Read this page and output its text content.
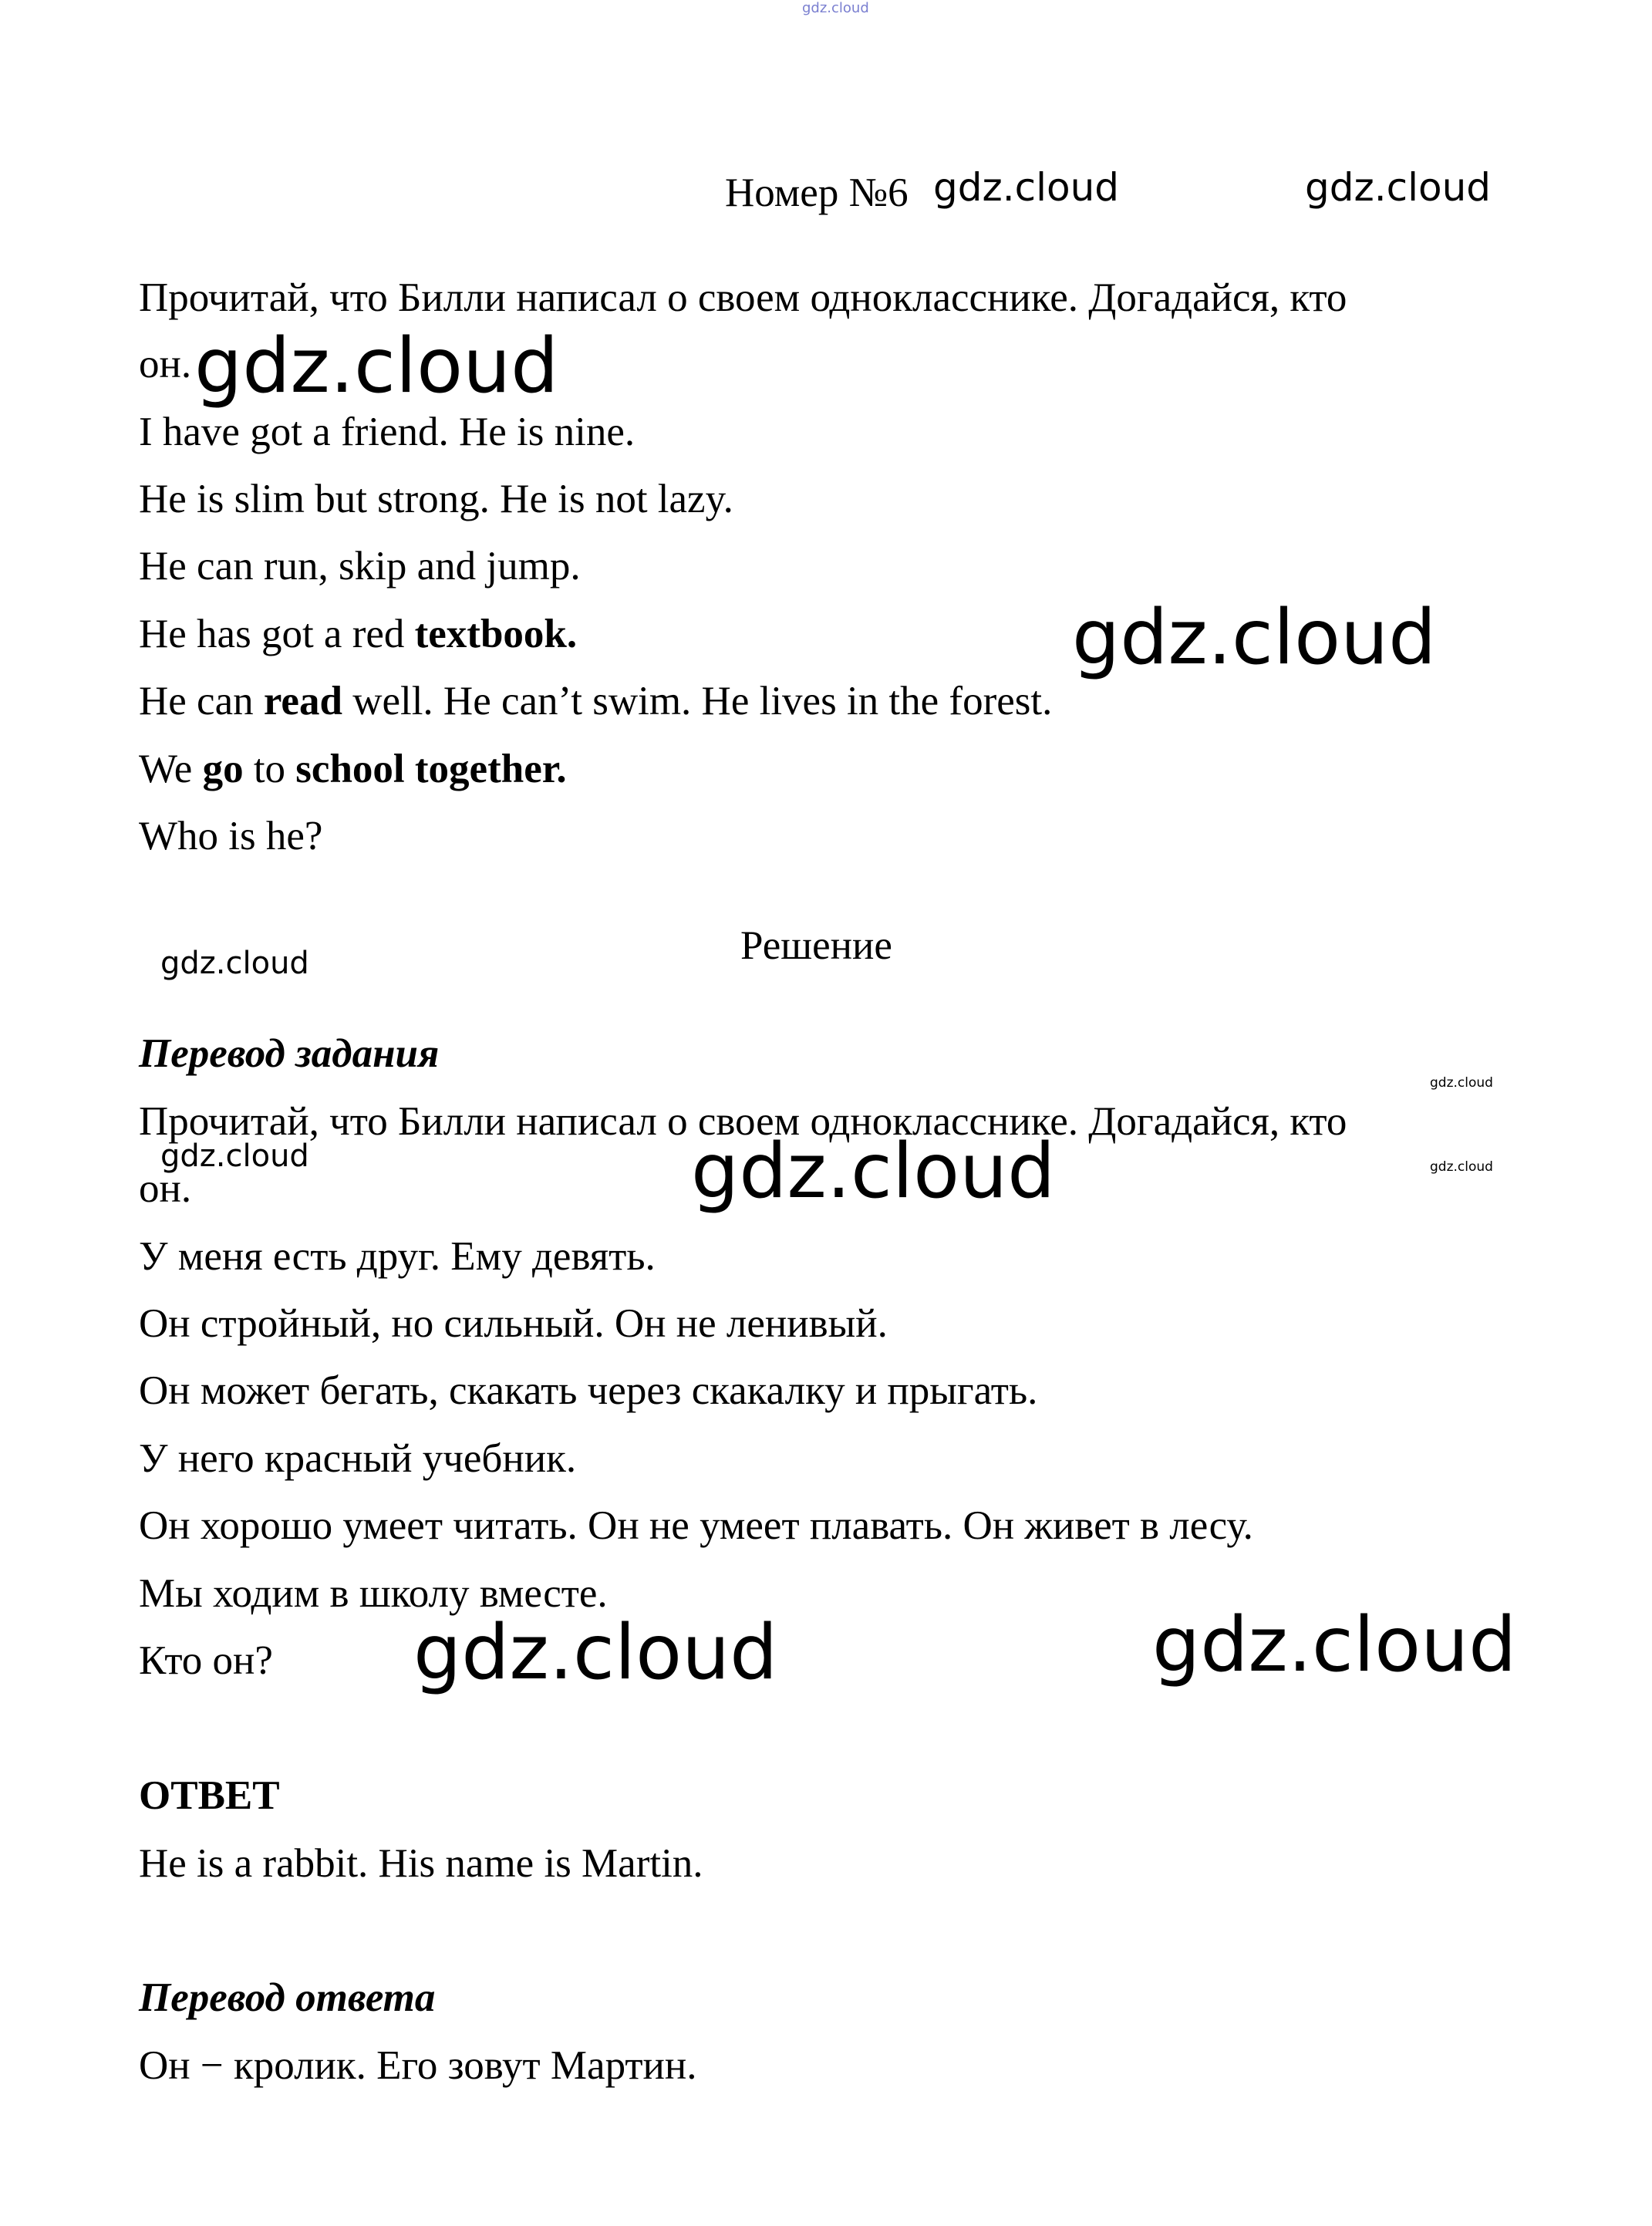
gdz.cloud
Номер №6
Прочитай, что Билли написал о своем однокласснике. Догадайся, кто
он.
I have got a friend. He is nine.
He is slim but strong. He is not lazy.
He can run, skip and jump.
He has got a red textbook.
He can read well. He can’t swim. He lives in the forest.
We go to school together.
Who is he?
Решение
Перевод задания
Прочитай, что Билли написал о своем однокласснике. Догадайся, кто
он.
У меня есть друг. Ему девять.
Он стройный, но сильный. Он не ленивый.
Он может бегать, скакать через скакалку и прыгать.
У него красный учебник.
Он хорошо умеет читать. Он не умеет плавать. Он живет в лесу.
Мы ходим в школу вместе.
Кто он?
ОТВЕТ
He is a rabbit. His name is Martin.
Перевод ответа
Он − кролик. Его зовут Мартин.
gdz.cloud	gdz.cloud
gdz.cloud
gdz.cloud
gdz.cloud
gdz.cloud
gdz.cloud	gdz.cloud
gdz.cloud
gdz.cloud	gdz.cloud
